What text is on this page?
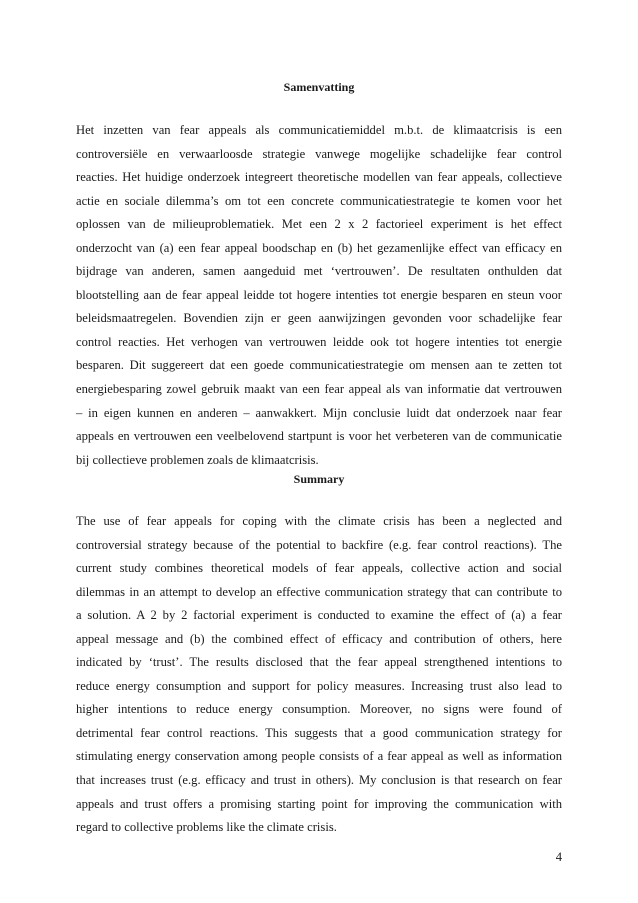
Samenvatting
Het inzetten van fear appeals als communicatiemiddel m.b.t. de klimaatcrisis is een
controversiële en verwaarloosde strategie vanwege mogelijke schadelijke fear control
reacties. Het huidige onderzoek integreert theoretische modellen van fear appeals, collectieve
actie en sociale dilemma’s om tot een concrete communicatiestrategie te komen voor het
oplossen van de milieuproblematiek. Met een 2 x 2 factorieel experiment is het effect
onderzocht van (a) een fear appeal boodschap en (b) het gezamenlijke effect van efficacy en
bijdrage van anderen, samen aangeduid met ‘vertrouwen’. De resultaten onthulden dat
blootstelling aan de fear appeal leidde tot hogere intenties tot energie besparen en steun voor
beleidsmaatregelen. Bovendien zijn er geen aanwijzingen gevonden voor schadelijke fear
control reacties. Het verhogen van vertrouwen leidde ook tot hogere intenties tot energie
besparen. Dit suggereert dat een goede communicatiestrategie om mensen aan te zetten tot
energiebesparing zowel gebruik maakt van een fear appeal als van informatie dat vertrouwen
– in eigen kunnen en anderen – aanwakkert. Mijn conclusie luidt dat onderzoek naar fear
appeals en vertrouwen een veelbelovend startpunt is voor het verbeteren van de communicatie
bij collectieve problemen zoals de klimaatcrisis.
Summary
The use of fear appeals for coping with the climate crisis has been a neglected and
controversial strategy because of the potential to backfire (e.g. fear control reactions). The
current study combines theoretical models of fear appeals, collective action and social
dilemmas in an attempt to develop an effective communication strategy that can contribute to
a solution. A 2 by 2 factorial experiment is conducted to examine the effect of (a) a fear
appeal message and (b) the combined effect of efficacy and contribution of others, here
indicated by ‘trust’. The results disclosed that the fear appeal strengthened intentions to
reduce energy consumption and support for policy measures. Increasing trust also lead to
higher intentions to reduce energy consumption. Moreover, no signs were found of
detrimental fear control reactions. This suggests that a good communication strategy for
stimulating energy conservation among people consists of a fear appeal as well as information
that increases trust (e.g. efficacy and trust in others). My conclusion is that research on fear
appeals and trust offers a promising starting point for improving the communication with
regard to collective problems like the climate crisis.
4
